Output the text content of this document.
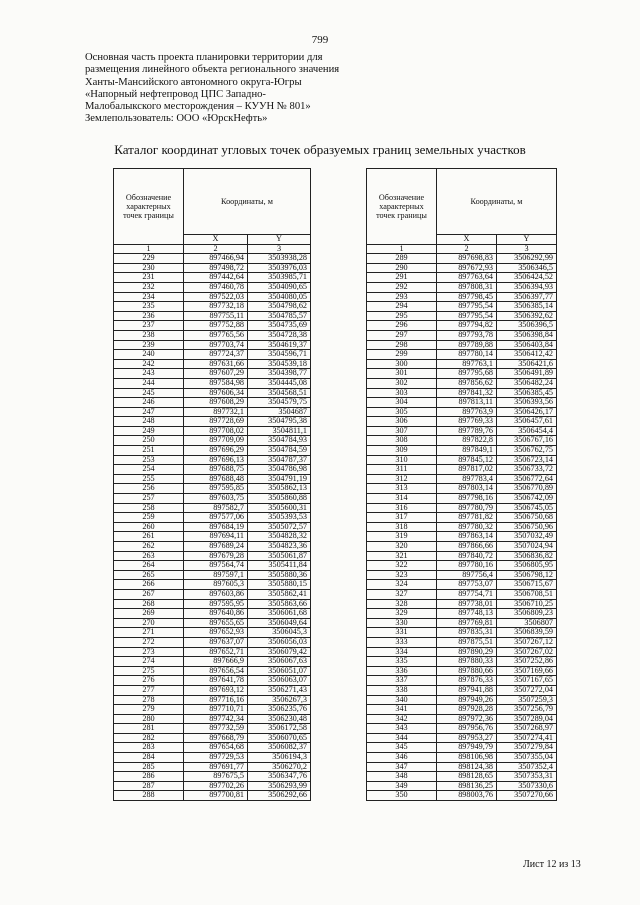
799
Основная часть проекта планировки территории для
размещения линейного объекта регионального значения
Ханты-Мансийского автономного округа-Югры
«Напорный нефтепровод ЦПС Западно-
Малобалыкского месторождения – КУУН № 801»
Землепользователь: ООО «ЮрскНефть»
Каталог координат угловых точек образуемых границ земельных участков
Обозначение характерных точек границы	Координаты, м	
	X	Y
1	2	3
229	897466,94	3503938,28
230	897498,72	3503976,03
231	897442,64	3503985,71
232	897460,78	3504090,65
234	897522,03	3504080,05
235	897732,18	3504798,62
236	897755,11	3504785,57
237	897752,88	3504735,69
238	897765,56	3504728,38
239	897703,74	3504619,37
240	897724,37	3504596,71
242	897631,66	3504539,18
243	897607,29	3504398,77
244	897584,98	3504445,08
245	897606,34	3504568,51
246	897608,29	3504579,75
247	897732,1	3504687
248	897728,69	3504795,38
249	897708,02	3504811,1
250	897709,09	3504784,93
251	897696,29	3504784,59
253	897696,13	3504787,37
254	897688,75	3504786,98
255	897688,48	3504791,19
256	897595,85	3505862,13
257	897603,75	3505860,88
258	897582,7	3505600,31
259	897577,06	3505393,53
260	897684,19	3505072,57
261	897694,11	3504828,32
262	897689,24	3504823,36
263	897679,28	3505061,87
264	897564,74	3505411,84
265	897597,1	3505880,36
266	897605,3	3505880,15
267	897603,86	3505862,41
268	897595,95	3505863,66
269	897640,86	3506061,68
270	897655,65	3506049,64
271	897652,93	3506045,3
272	897637,07	3506056,03
273	897652,71	3506079,42
274	897666,9	3506067,63
275	897656,54	3506051,07
276	897641,78	3506063,07
277	897693,12	3506271,43
278	897716,16	3506267,3
279	897710,71	3506235,76
280	897742,34	3506230,48
281	897732,59	3506172,58
282	897668,79	3506070,65
283	897654,68	3506082,37
284	897729,53	3506194,3
285	897691,77	3506270,2
286	897675,5	3506347,76
287	897702,26	3506293,99
288	897700,81	3506292,66
Обозначение характерных точек границы	Координаты, м	
	X	Y
1	2	3
289	897698,83	3506292,99
290	897672,93	3506346,5
291	897763,64	3506424,52
292	897808,31	3506394,93
293	897798,45	3506397,77
294	897795,54	3506385,14
295	897795,54	3506392,62
296	897794,82	3506396,5
297	897793,78	3506398,84
298	897789,88	3506403,84
299	897780,14	3506412,42
300	897763,1	3506421,6
301	897795,68	3506491,89
302	897856,62	3506482,24
303	897841,32	3506385,45
304	897813,11	3506393,56
305	897763,9	3506426,17
306	897769,33	3506457,61
307	897789,76	3506454,4
308	897822,8	3506767,16
309	897849,1	3506762,75
310	897845,12	3506723,14
311	897817,02	3506733,72
312	897783,4	3506772,64
313	897803,14	3506770,89
314	897798,16	3506742,09
316	897780,79	3506745,05
317	897781,82	3506750,68
318	897780,32	3506750,96
319	897863,14	3507032,49
320	897866,66	3507024,94
321	897840,72	3506836,82
322	897780,16	3506805,95
323	897756,4	3506798,12
324	897753,07	3506715,67
327	897754,71	3506708,51
328	897738,01	3506710,25
329	897748,13	3506809,23
330	897769,81	3506807
331	897835,31	3506839,59
333	897875,51	3507267,12
334	897890,29	3507267,02
335	897880,33	3507252,86
336	897880,66	3507169,66
337	897876,33	3507167,65
338	897941,88	3507272,04
340	897949,26	3507259,3
341	897928,28	3507256,79
342	897972,36	3507289,04
343	897956,76	3507268,97
344	897953,27	3507274,41
345	897949,79	3507279,84
346	898106,98	3507355,04
347	898124,38	3507352,4
348	898128,65	3507353,31
349	898136,25	3507330,6
350	898003,76	3507270,66
Лист 12 из 13
